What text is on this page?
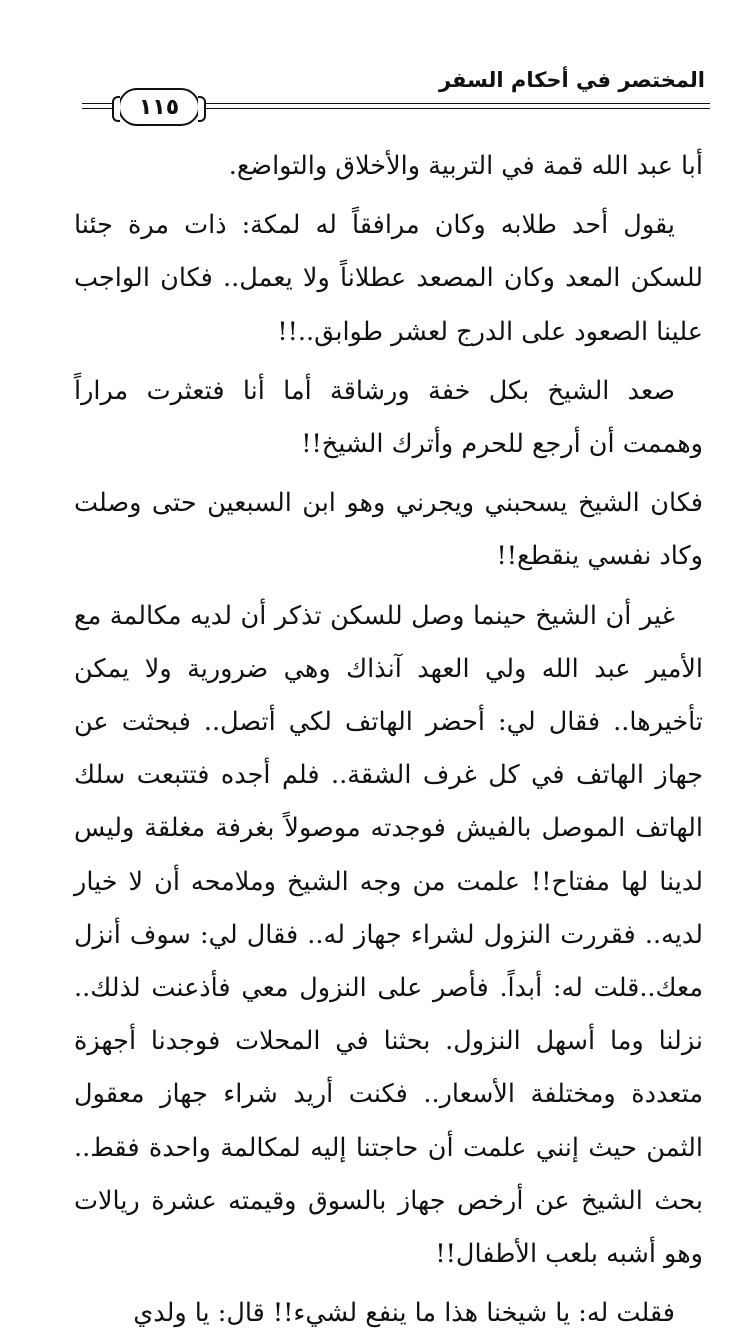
المختصر في أحكام السفر
١١٥

أبا عبد الله قمة في التربية والأخلاق والتواضع.

يقول أحد طلابه وكان مرافقاً له لمكة: ذات مرة جئنا للسكن المعد وكان المصعد عطلاناً ولا يعمل.. فكان الواجب علينا الصعود على الدرج لعشر طوابق..!!

صعد الشيخ بكل خفة ورشاقة أما أنا فتعثرت مراراً وهممت أن أرجع للحرم وأترك الشيخ!!

فكان الشيخ يسحبني ويجرني وهو ابن السبعين حتى وصلت وكاد نفسي ينقطع!!

غير أن الشيخ حينما وصل للسكن تذكر أن لديه مكالمة مع الأمير عبد الله ولي العهد آنذاك وهي ضرورية ولا يمكن تأخيرها.. فقال لي: أحضر الهاتف لكي أتصل.. فبحثت عن جهاز الهاتف في كل غرف الشقة.. فلم أجده فتتبعت سلك الهاتف الموصل بالفيش فوجدته موصولاً بغرفة مغلقة وليس لدينا لها مفتاح!! علمت من وجه الشيخ وملامحه أن لا خيار لديه.. فقررت النزول لشراء جهاز له.. فقال لي: سوف أنزل معك..قلت له: أبداً. فأصر على النزول معي فأذعنت لذلك.. نزلنا وما أسهل النزول. بحثنا في المحلات فوجدنا أجهزة متعددة ومختلفة الأسعار.. فكنت أريد شراء جهاز معقول الثمن حيث إنني علمت أن حاجتنا إليه لمكالمة واحدة فقط.. بحث الشيخ عن أرخص جهاز بالسوق وقيمته عشرة ريالات وهو أشبه بلعب الأطفال!!

فقلت له: يا شيخنا هذا ما ينفع لشيء!! قال: يا ولدي
